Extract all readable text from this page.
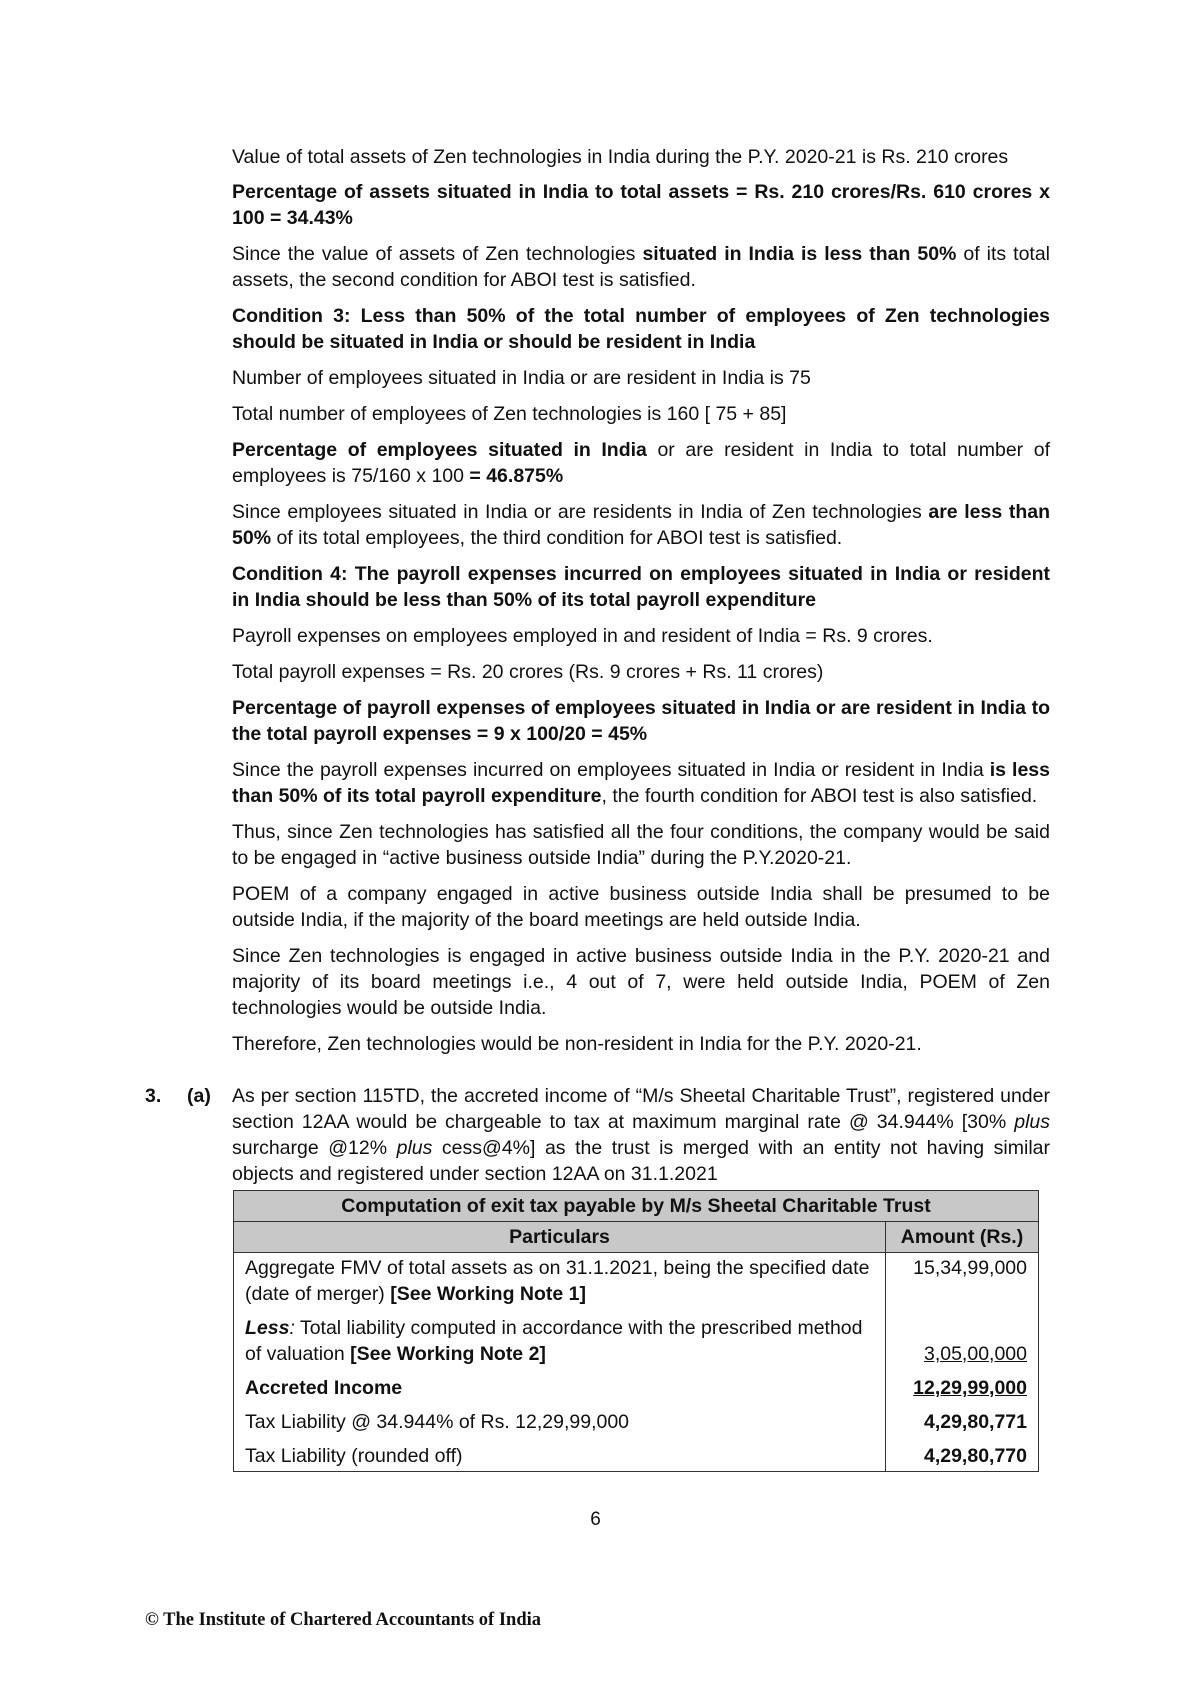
Value of total assets of Zen technologies in India during the P.Y. 2020-21 is Rs. 210 crores

Percentage of assets situated in India to total assets = Rs. 210 crores/Rs. 610 crores x 100 = 34.43%

Since the value of assets of Zen technologies situated in India is less than 50% of its total assets, the second condition for ABOI test is satisfied.

Condition 3: Less than 50% of the total number of employees of Zen technologies should be situated in India or should be resident in India

Number of employees situated in India or are resident in India is 75

Total number of employees of Zen technologies is 160 [ 75 + 85]

Percentage of employees situated in India or are resident in India to total number of employees is 75/160 x 100 = 46.875%

Since employees situated in India or are residents in India of Zen technologies are less than 50% of its total employees, the third condition for ABOI test is satisfied.

Condition 4: The payroll expenses incurred on employees situated in India or resident in India should be less than 50% of its total payroll expenditure

Payroll expenses on employees employed in and resident of India = Rs. 9 crores.

Total payroll expenses = Rs. 20 crores (Rs. 9 crores + Rs. 11 crores)

Percentage of payroll expenses of employees situated in India or are resident in India to the total payroll expenses = 9 x 100/20 = 45%

Since the payroll expenses incurred on employees situated in India or resident in India is less than 50% of its total payroll expenditure, the fourth condition for ABOI test is also satisfied.

Thus, since Zen technologies has satisfied all the four conditions, the company would be said to be engaged in “active business outside India” during the P.Y.2020-21.

POEM of a company engaged in active business outside India shall be presumed to be outside India, if the majority of the board meetings are held outside India.

Since Zen technologies is engaged in active business outside India in the P.Y. 2020-21 and majority of its board meetings i.e., 4 out of 7, were held outside India, POEM of Zen technologies would be outside India.

Therefore, Zen technologies would be non-resident in India for the P.Y. 2020-21.

3. (a) As per section 115TD, the accreted income of “M/s Sheetal Charitable Trust”, registered under section 12AA would be chargeable to tax at maximum marginal rate @ 34.944% [30% plus surcharge @12% plus cess@4%] as the trust is merged with an entity not having similar objects and registered under section 12AA on 31.1.2021
Computation of exit tax payable by M/s Sheetal Charitable Trust	
Particulars	Amount (Rs.)
Aggregate FMV of total assets as on 31.1.2021, being the specified date (date of merger) [See Working Note 1]	15,34,99,000
Less: Total liability computed in accordance with the prescribed method of valuation [See Working Note 2]	3,05,00,000
Accreted Income	12,29,99,000
Tax Liability @ 34.944% of Rs. 12,29,99,000	4,29,80,771
Tax Liability (rounded off)	4,29,80,770
6
© The Institute of Chartered Accountants of India
